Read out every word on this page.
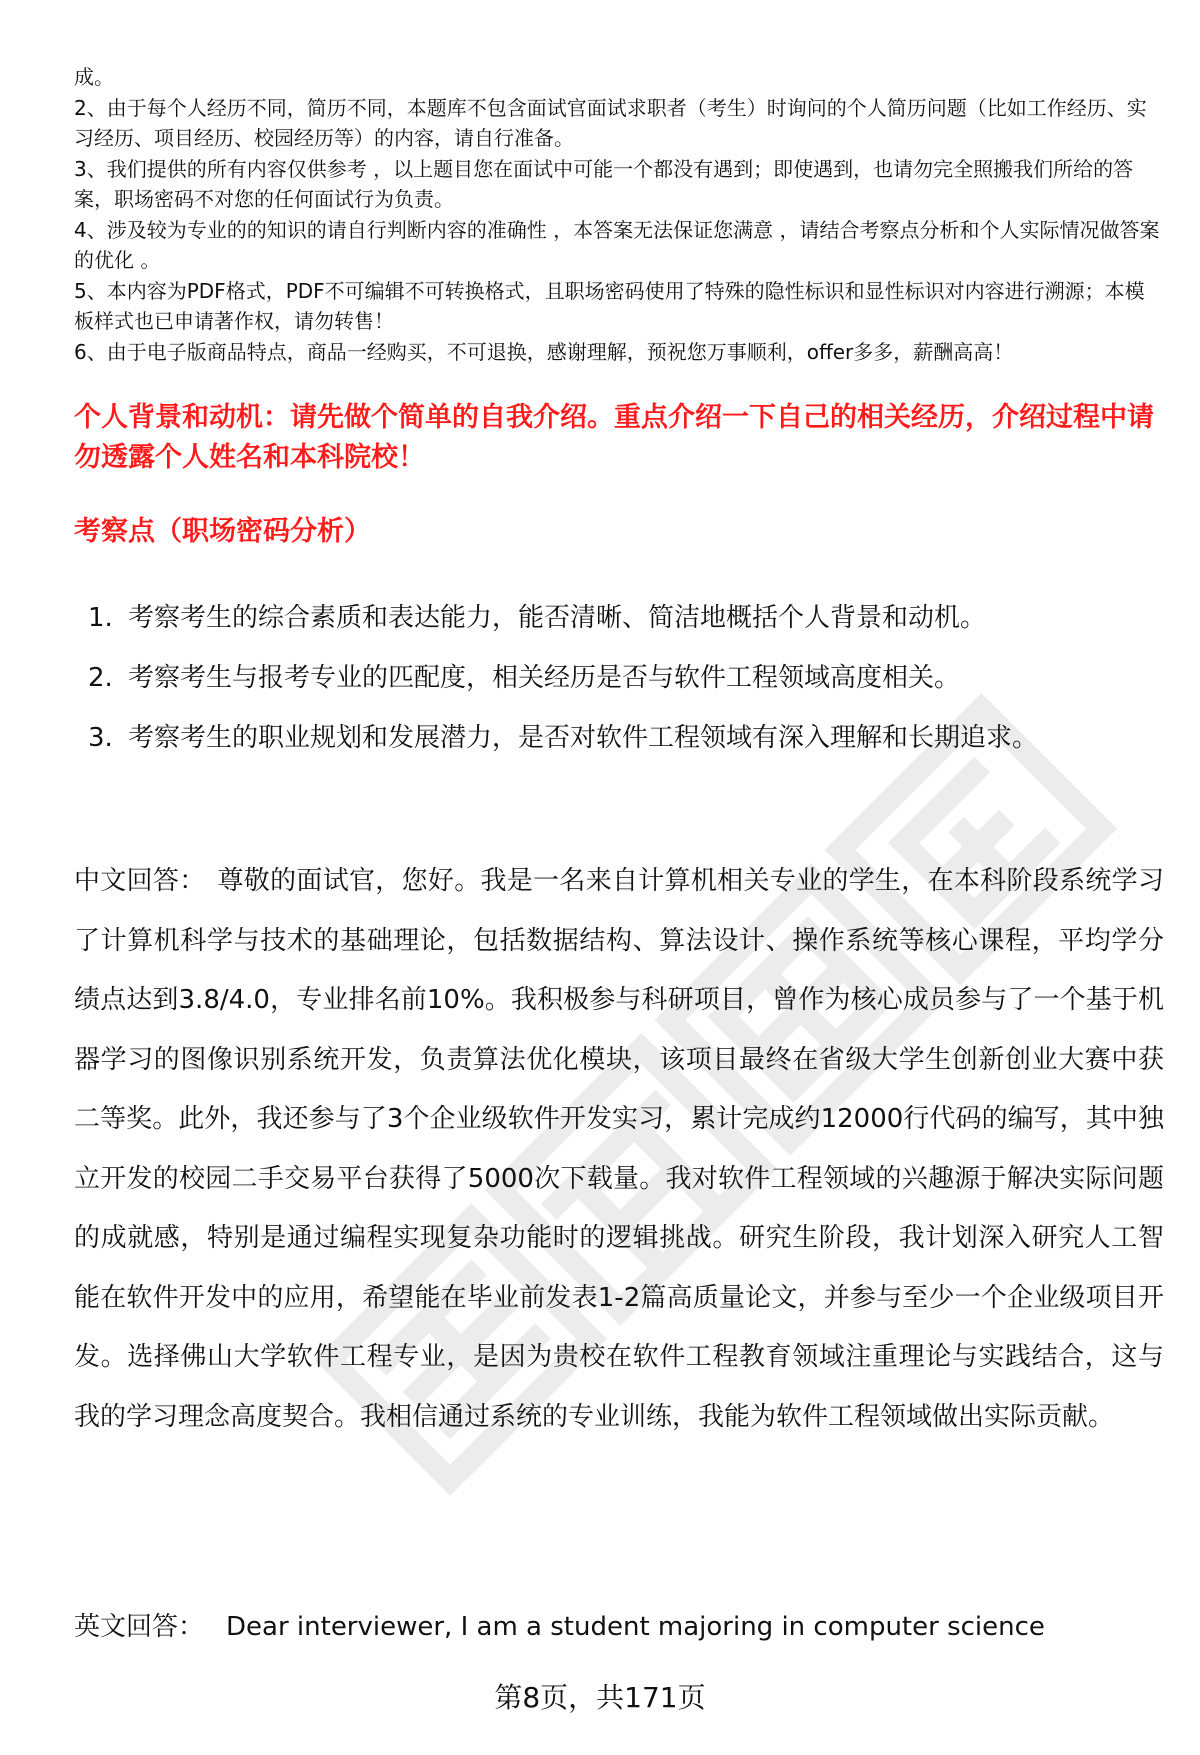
成。

2、由于每个人经历不同，简历不同，本题库不包含面试官面试求职者（考生）时询问的个人简历问题（比如工作经历、实习经历、项目经历、校园经历等）的内容，请自行准备。

3、我们提供的所有内容仅供参考 ，以上题目您在面试中可能一个都没有遇到；即使遇到，也请勿完全照搬我们所给的答案，职场密码不对您的任何面试行为负责。

4、涉及较为专业的的知识的请自行判断内容的准确性 ，本答案无法保证您满意 ，请结合考察点分析和个人实际情况做答案的优化 。

5、本内容为PDF格式，PDF不可编辑不可转换格式，且职场密码使用了特殊的隐性标识和显性标识对内容进行溯源；本模板样式也已申请著作权，请勿转售！

6、由于电子版商品特点，商品一经购买，不可退换，感谢理解，预祝您万事顺利，offer多多，薪酬高高！

个人背景和动机：请先做个简单的自我介绍。重点介绍一下自己的相关经历，介绍过程中请勿透露个人姓名和本科院校！
考察点（职场密码分析）
1. 考察考生的综合素质和表达能力，能否清晰、简洁地概括个人背景和动机。
2. 考察考生与报考专业的匹配度，相关经历是否与软件工程领域高度相关。
3. 考察考生的职业规划和发展潜力，是否对软件工程领域有深入理解和长期追求。
中文回答： 尊敬的面试官，您好。我是一名来自计算机相关专业的学生，在本科阶段系统学习了计算机科学与技术的基础理论，包括数据结构、算法设计、操作系统等核心课程，平均学分绩点达到3.8/4.0，专业排名前10%。我积极参与科研项目，曾作为核心成员参与了一个基于机器学习的图像识别系统开发，负责算法优化模块，该项目最终在省级大学生创新创业大赛中获二等奖。此外，我还参与了3个企业级软件开发实习，累计完成约12000行代码的编写，其中独立开发的校园二手交易平台获得了5000次下载量。我对软件工程领域的兴趣源于解决实际问题的成就感，特别是通过编程实现复杂功能时的逻辑挑战。研究生阶段，我计划深入研究人工智能在软件开发中的应用，希望能在毕业前发表1-2篇高质量论文，并参与至少一个企业级项目开发。选择佛山大学软件工程专业，是因为贵校在软件工程教育领域注重理论与实践结合，这与我的学习理念高度契合。我相信通过系统的专业训练，我能为软件工程领域做出实际贡献。
英文回答： Dear interviewer, I am a student majoring in computer science
第8页，共171页
